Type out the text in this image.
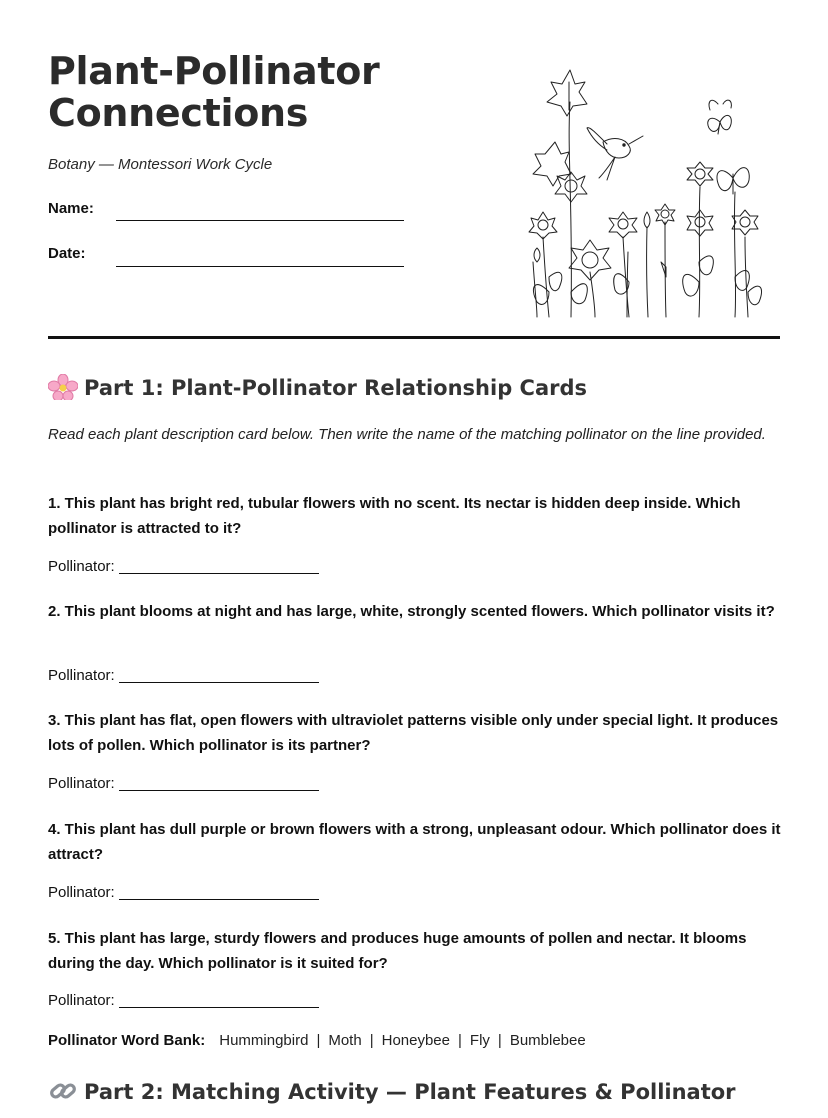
Plant-Pollinator
Connections
Botany — Montessori Work Cycle
Name:
Date:
Part 1: Plant-Pollinator Relationship Cards
Read each plant description card below. Then write the name of the matching pollinator on the line provided.

1. This plant has bright red, tubular flowers with no scent. Its nectar is hidden deep inside. Which pollinator is attracted to it?

Pollinator:

2. This plant blooms at night and has large, white, strongly scented flowers. Which pollinator visits it?

Pollinator:

3. This plant has flat, open flowers with ultraviolet patterns visible only under special light. It produces lots of pollen. Which pollinator is its partner?

Pollinator:

4. This plant has dull purple or brown flowers with a strong, unpleasant odour. Which pollinator does it attract?

Pollinator:

5. This plant has large, sturdy flowers and produces huge amounts of pollen and nectar. It blooms during the day. Which pollinator is it suited for?

Pollinator:
Pollinator Word Bank: Hummingbird | Moth | Honeybee | Fly | Bumblebee
Part 2: Matching Activity — Plant Features & Pollinator
